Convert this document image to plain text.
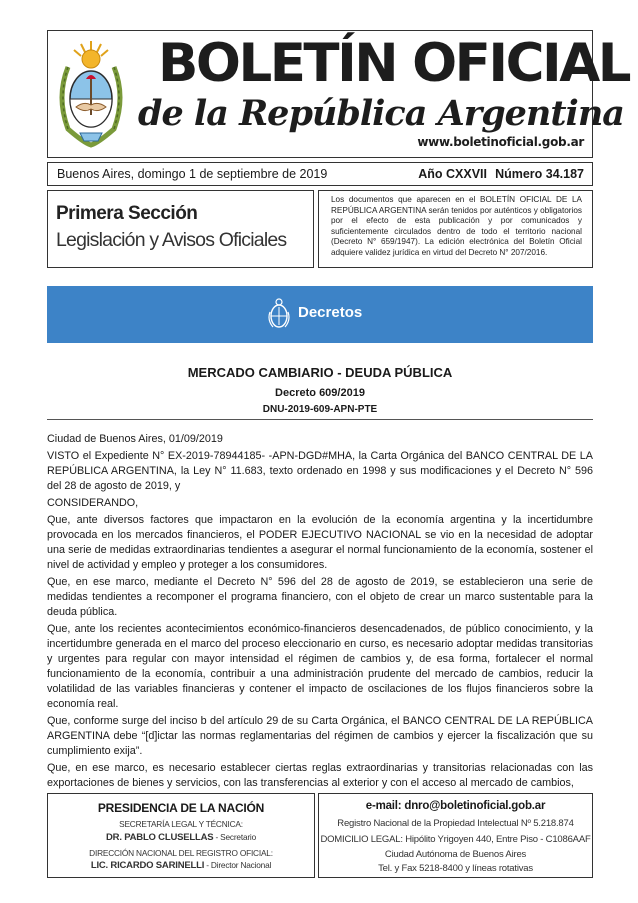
BOLETÍN OFICIAL
de la República Argentina
www.boletinoficial.gob.ar
Buenos Aires, domingo 1 de septiembre de 2019	Año CXXVII Número 34.187
Primera Sección
Legislación y Avisos Oficiales
Los documentos que aparecen en el BOLETÍN OFICIAL DE LA REPÚBLICA ARGENTINA serán tenidos por auténticos y obligatorios por el efecto de esta publicación y por comunicados y suficientemente circulados dentro de todo el territorio nacional (Decreto N° 659/1947). La edición electrónica del Boletín Oficial adquiere validez jurídica en virtud del Decreto N° 207/2016.
Decretos
MERCADO CAMBIARIO - DEUDA PÚBLICA
Decreto 609/2019
DNU-2019-609-APN-PTE

Ciudad de Buenos Aires, 01/09/2019

VISTO el Expediente N° EX-2019-78944185- -APN-DGD#MHA, la Carta Orgánica del BANCO CENTRAL DE LA REPÚBLICA ARGENTINA, la Ley N° 11.683, texto ordenado en 1998 y sus modificaciones y el Decreto N° 596 del 28 de agosto de 2019, y

CONSIDERANDO,

Que, ante diversos factores que impactaron en la evolución de la economía argentina y la incertidumbre provocada en los mercados financieros, el PODER EJECUTIVO NACIONAL se vio en la necesidad de adoptar una serie de medidas extraordinarias tendientes a asegurar el normal funcionamiento de la economía, sostener el nivel de actividad y empleo y proteger a los consumidores.

Que, en ese marco, mediante el Decreto N° 596 del 28 de agosto de 2019, se establecieron una serie de medidas tendientes a recomponer el programa financiero, con el objeto de crear un marco sustentable para la deuda pública.

Que, ante los recientes acontecimientos económico-financieros desencadenados, de público conocimiento, y la incertidumbre generada en el marco del proceso eleccionario en curso, es necesario adoptar medidas transitorias y urgentes para regular con mayor intensidad el régimen de cambios y, de esa forma, fortalecer el normal funcionamiento de la economía, contribuir a una administración prudente del mercado de cambios, reducir la volatilidad de las variables financieras y contener el impacto de oscilaciones de los flujos financieros sobre la economía real.

Que, conforme surge del inciso b del artículo 29 de su Carta Orgánica, el BANCO CENTRAL DE LA REPÚBLICA ARGENTINA debe “[d]ictar las normas reglamentarias del régimen de cambios y ejercer la fiscalización que su cumplimiento exija”.

Que, en ese marco, es necesario establecer ciertas reglas extraordinarias y transitorias relacionadas con las exportaciones de bienes y servicios, con las transferencias al exterior y con el acceso al mercado de cambios,

PRESIDENCIA DE LA NACIÓN
SECRETARÍA LEGAL Y TÉCNICA:
DR. PABLO CLUSELLAS - Secretario
DIRECCIÓN NACIONAL DEL REGISTRO OFICIAL:
LIC. RICARDO SARINELLI - Director Nacional
e-mail: dnro@boletinoficial.gob.ar
Registro Nacional de la Propiedad Intelectual Nº 5.218.874
DOMICILIO LEGAL: Hipólito Yrigoyen 440, Entre Piso - C1086AAF
Ciudad Autónoma de Buenos Aires
Tel. y Fax 5218-8400 y líneas rotativas
